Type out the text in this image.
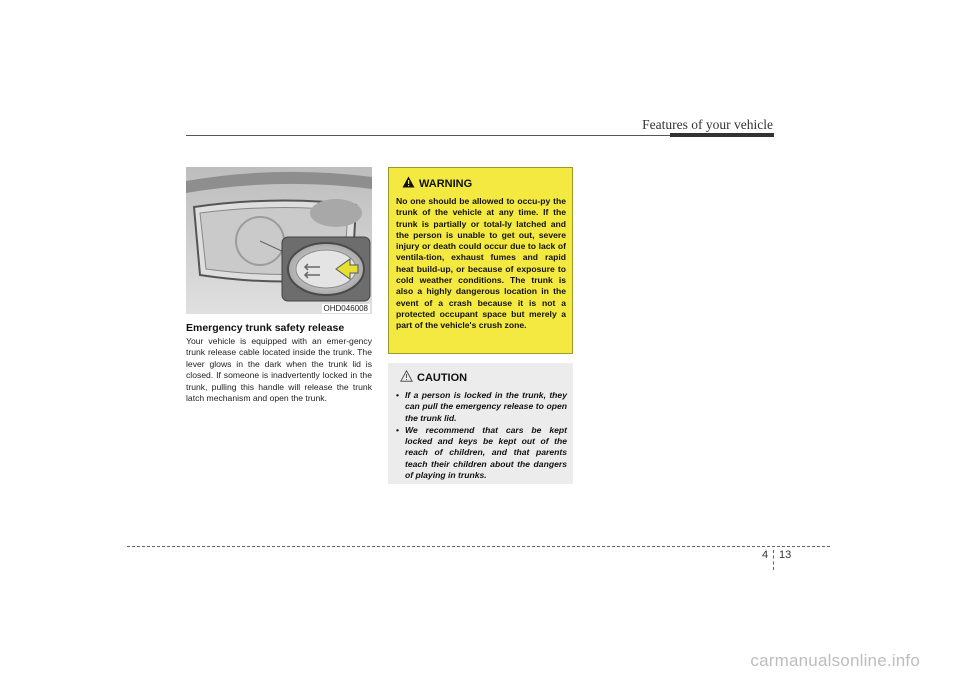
Features of your vehicle
OHD046008
Emergency trunk safety release

Your vehicle is equipped with an emer-gency trunk release cable located inside the trunk. The lever glows in the dark when the trunk lid is closed. If someone is inadvertently locked in the trunk, pulling this handle will release the trunk latch mechanism and open the trunk.

WARNING

No one should be allowed to occu-py the trunk of the vehicle at any time. If the trunk is partially or total-ly latched and the person is unable to get out, severe injury or death could occur due to lack of ventila-tion, exhaust fumes and rapid heat build-up, or because of exposure to cold weather conditions. The trunk is also a highly dangerous location in the event of a crash because it is not a protected occupant space but merely a part of the vehicle's crush zone.

CAUTION
• If a person is locked in the trunk, they can pull the emergency release to open the trunk lid.
• We recommend that cars be kept locked and keys be kept out of the reach of children, and that parents teach their children about the dangers of playing in trunks.
4 13
carmanualsonline.info
